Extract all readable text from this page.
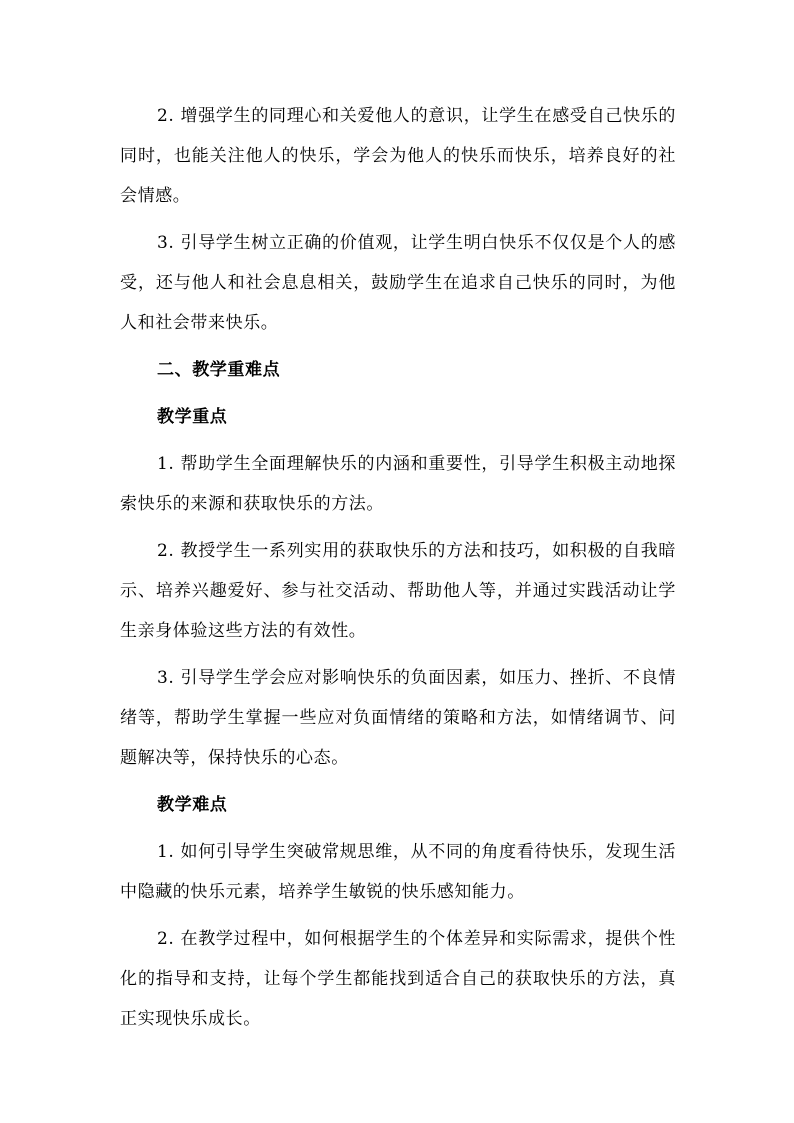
2. 增强学生的同理心和关爱他人的意识，让学生在感受自己快乐的同时，也能关注他人的快乐，学会为他人的快乐而快乐，培养良好的社会情感。

3. 引导学生树立正确的价值观，让学生明白快乐不仅仅是个人的感受，还与他人和社会息息相关，鼓励学生在追求自己快乐的同时，为他人和社会带来快乐。

二、教学重难点

教学重点

1. 帮助学生全面理解快乐的内涵和重要性，引导学生积极主动地探索快乐的来源和获取快乐的方法。

2. 教授学生一系列实用的获取快乐的方法和技巧，如积极的自我暗示、培养兴趣爱好、参与社交活动、帮助他人等，并通过实践活动让学生亲身体验这些方法的有效性。

3. 引导学生学会应对影响快乐的负面因素，如压力、挫折、不良情绪等，帮助学生掌握一些应对负面情绪的策略和方法，如情绪调节、问题解决等，保持快乐的心态。

教学难点

1. 如何引导学生突破常规思维，从不同的角度看待快乐，发现生活中隐藏的快乐元素，培养学生敏锐的快乐感知能力。

2. 在教学过程中，如何根据学生的个体差异和实际需求，提供个性化的指导和支持，让每个学生都能找到适合自己的获取快乐的方法，真正实现快乐成长。
